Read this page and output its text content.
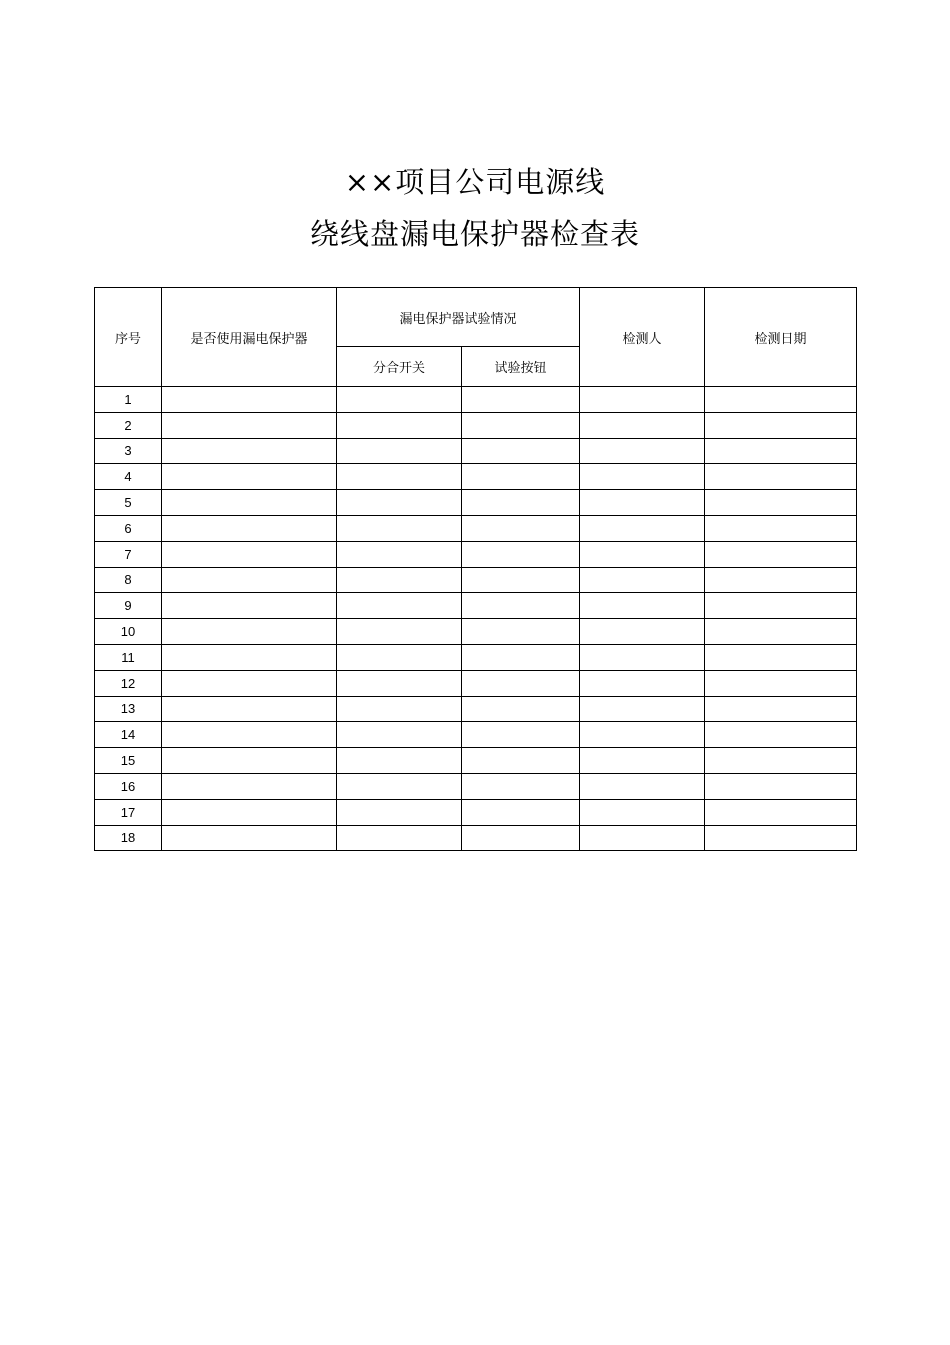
××项目公司电源线
绕线盘漏电保护器检查表
序号	是否使用漏电保护器	漏电保护器试验情况		检测人	检测日期
		分合开关	试验按钮		
1					
2					
3					
4					
5					
6					
7					
8					
9					
10					
11					
12					
13					
14					
15					
16					
17					
18					
